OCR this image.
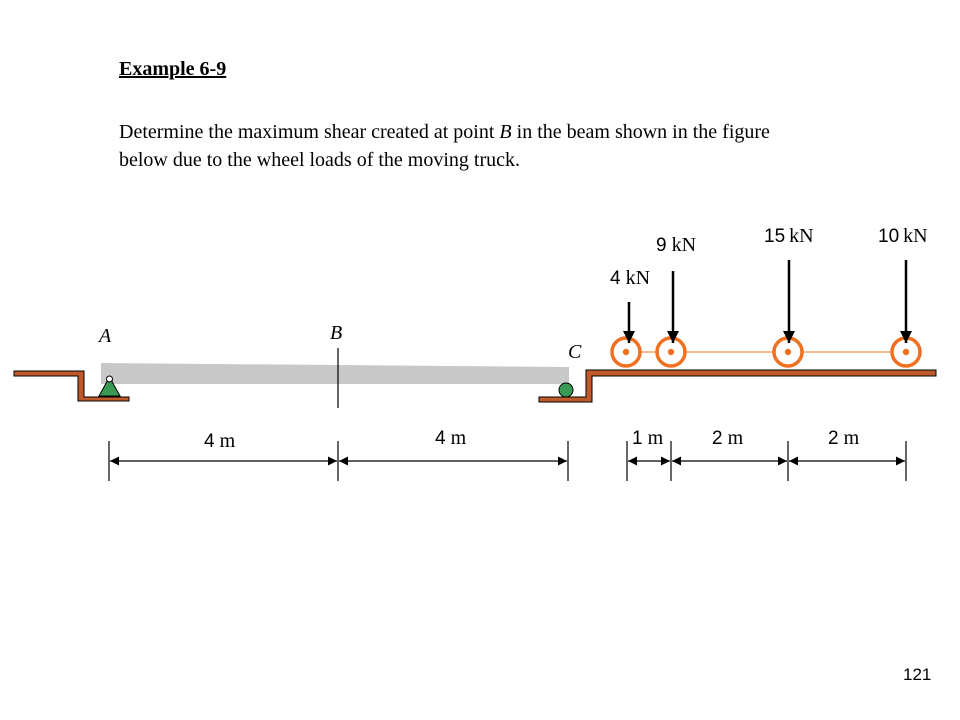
Example 6-9
Determine the maximum shear created at point B in the beam shown in the figure
below due to the wheel loads of the moving truck.
A	B
C
4 kN
9 kN	15 kN	10 kN
4 m	4 m	1 m	2 m	2 m
121
